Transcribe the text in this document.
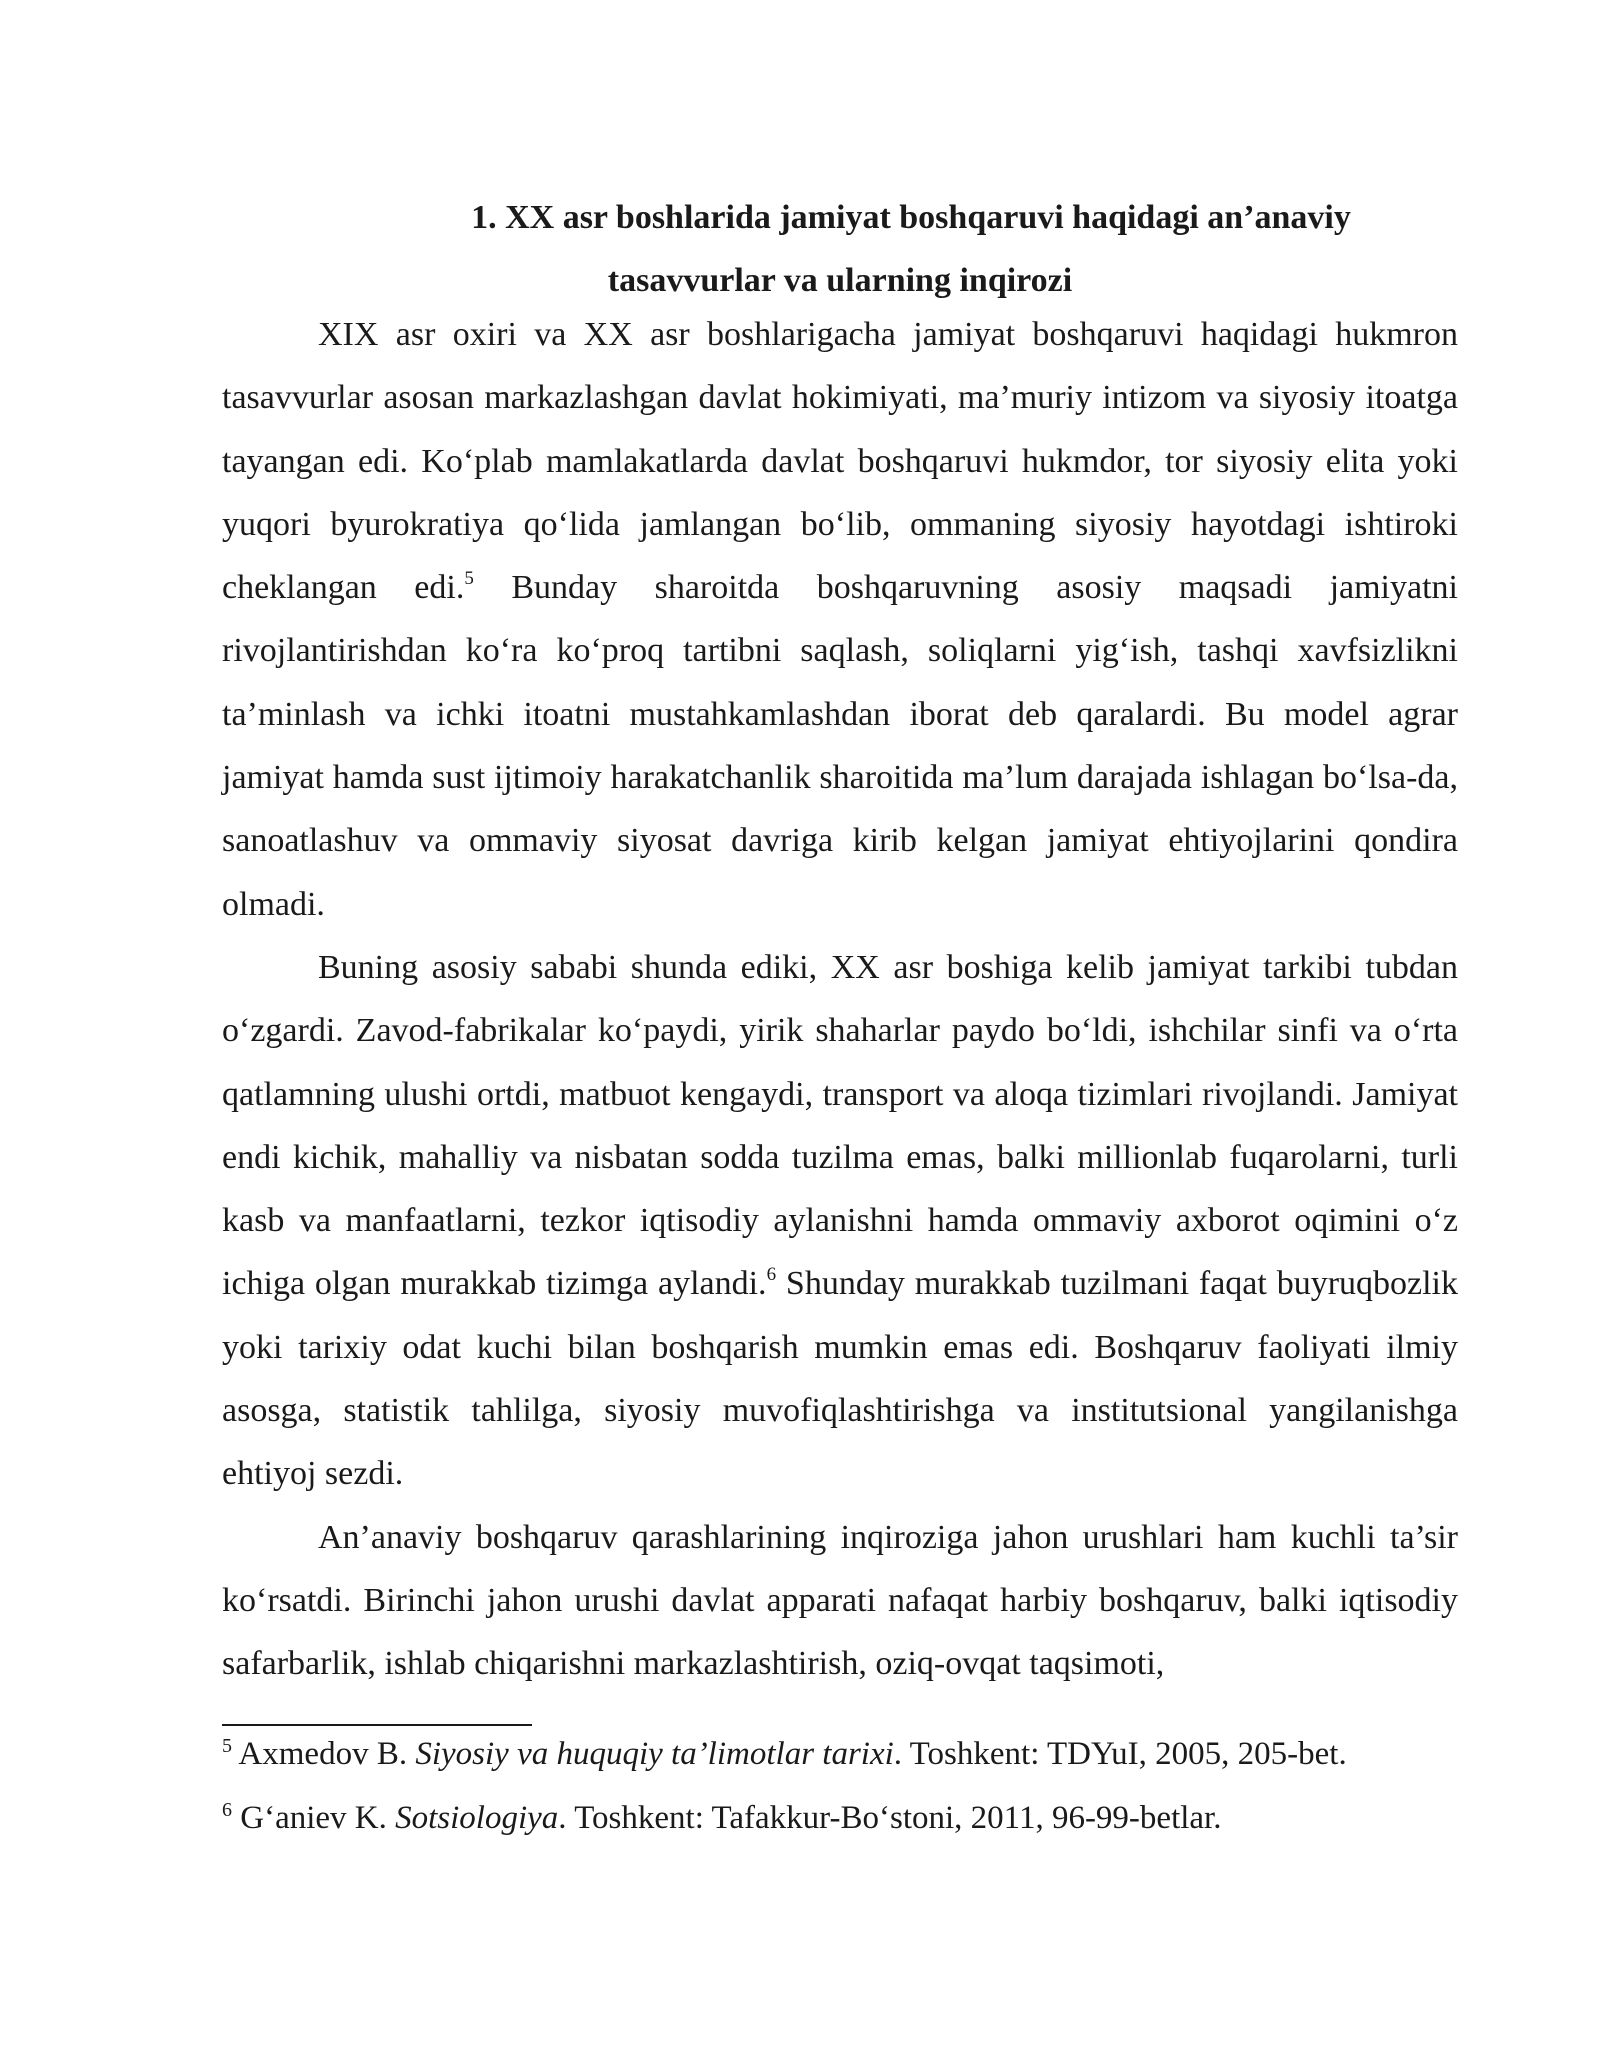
1. XX asr boshlarida jamiyat boshqaruvi haqidagi an’anaviy
tasavvurlar va ularning inqirozi

XIX asr oxiri va XX asr boshlarigacha jamiyat boshqaruvi haqidagi hukmron tasavvurlar asosan markazlashgan davlat hokimiyati, ma’muriy intizom va siyosiy itoatga tayangan edi. Ko‘plab mamlakatlarda davlat boshqaruvi hukmdor, tor siyosiy elita yoki yuqori byurokratiya qo‘lida jamlangan bo‘lib, ommaning siyosiy hayotdagi ishtiroki cheklangan edi.$^5$ Bunday sharoitda boshqaruvning asosiy maqsadi jamiyatni rivojlantirishdan ko‘ra ko‘proq tartibni saqlash, soliqlarni yig‘ish, tashqi xavfsizlikni ta’minlash va ichki itoatni mustahkamlashdan iborat deb qaralardi. Bu model agrar jamiyat hamda sust ijtimoiy harakatchanlik sharoitida ma’lum darajada ishlagan bo‘lsa-da, sanoatlashuv va ommaviy siyosat davriga kirib kelgan jamiyat ehtiyojlarini qondira olmadi.

Buning asosiy sababi shunda ediki, XX asr boshiga kelib jamiyat tarkibi tubdan o‘zgardi. Zavod-fabrikalar ko‘paydi, yirik shaharlar paydo bo‘ldi, ishchilar sinfi va o‘rta qatlamning ulushi ortdi, matbuot kengaydi, transport va aloqa tizimlari rivojlandi. Jamiyat endi kichik, mahalliy va nisbatan sodda tuzilma emas, balki millionlab fuqarolarni, turli kasb va manfaatlarni, tezkor iqtisodiy aylanishni hamda ommaviy axborot oqimini o‘z ichiga olgan murakkab tizimga aylandi.$^6$ Shunday murakkab tuzilmani faqat buyruqbozlik yoki tarixiy odat kuchi bilan boshqarish mumkin emas edi. Boshqaruv faoliyati ilmiy asosga, statistik tahlilga, siyosiy muvofiqlashtirishga va institutsional yangilanishga ehtiyoj sezdi.

An’anaviy boshqaruv qarashlarining inqiroziga jahon urushlari ham kuchli ta’sir ko‘rsatdi. Birinchi jahon urushi davlat apparati nafaqat harbiy boshqaruv, balki iqtisodiy safarbarlik, ishlab chiqarishni markazlashtirish, oziq-ovqat taqsimoti,

$^5$ Axmedov B. Siyosiy va huquqiy ta’limotlar tarixi. Toshkent: TDYuI, 2005, 205-bet.

$^6$ G‘aniev K. Sotsiologiya. Toshkent: Tafakkur-Bo‘stoni, 2011, 96-99-betlar.
